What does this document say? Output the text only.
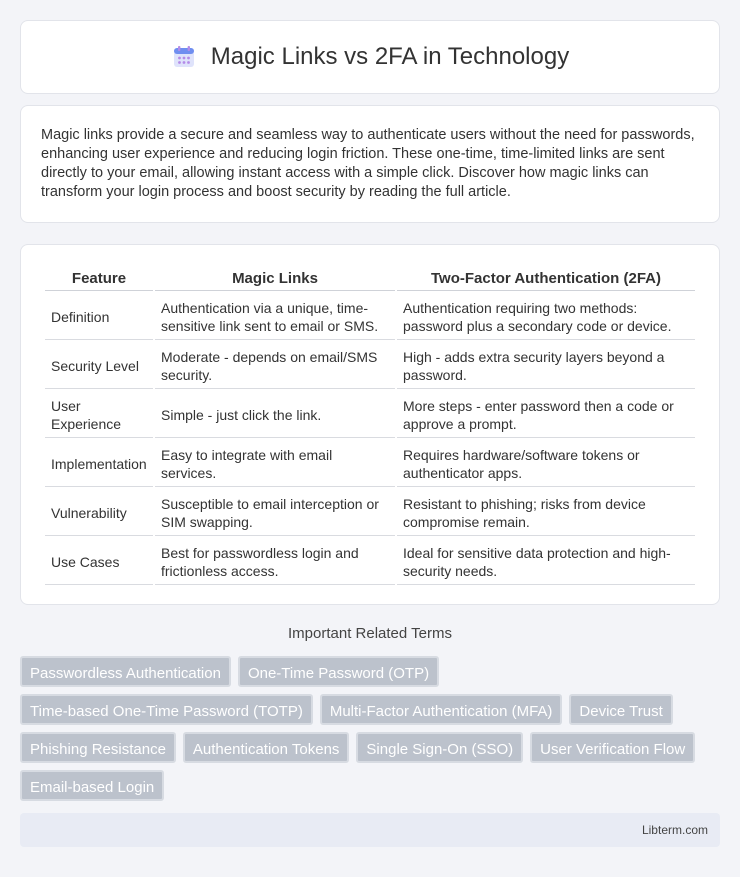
Magic Links vs 2FA in Technology

Magic links provide a secure and seamless way to authenticate users without the need for passwords, enhancing user experience and reducing login friction. These one-time, time-limited links are sent directly to your email, allowing instant access with a simple click. Discover how magic links can transform your login process and boost security by reading the full article.

Feature	Magic Links	Two-Factor Authentication (2FA)
Definition	Authentication via a unique, time-sensitive link sent to email or SMS.	Authentication requiring two methods: password plus a secondary code or device.
Security Level	Moderate - depends on email/SMS security.	High - adds extra security layers beyond a password.
User Experience	Simple - just click the link.	More steps - enter password then a code or approve a prompt.
Implementation	Easy to integrate with email services.	Requires hardware/software tokens or authenticator apps.
Vulnerability	Susceptible to email interception or SIM swapping.	Resistant to phishing; risks from device compromise remain.
Use Cases	Best for passwordless login and frictionless access.	Ideal for sensitive data protection and high-security needs.
Important Related Terms
Passwordless Authentication	One-Time Password (OTP)
Time-based One-Time Password (TOTP)	Multi-Factor Authentication (MFA)	Device Trust
Phishing Resistance	Authentication Tokens	Single Sign-On (SSO)	User Verification Flow
Email-based Login
Libterm.com
